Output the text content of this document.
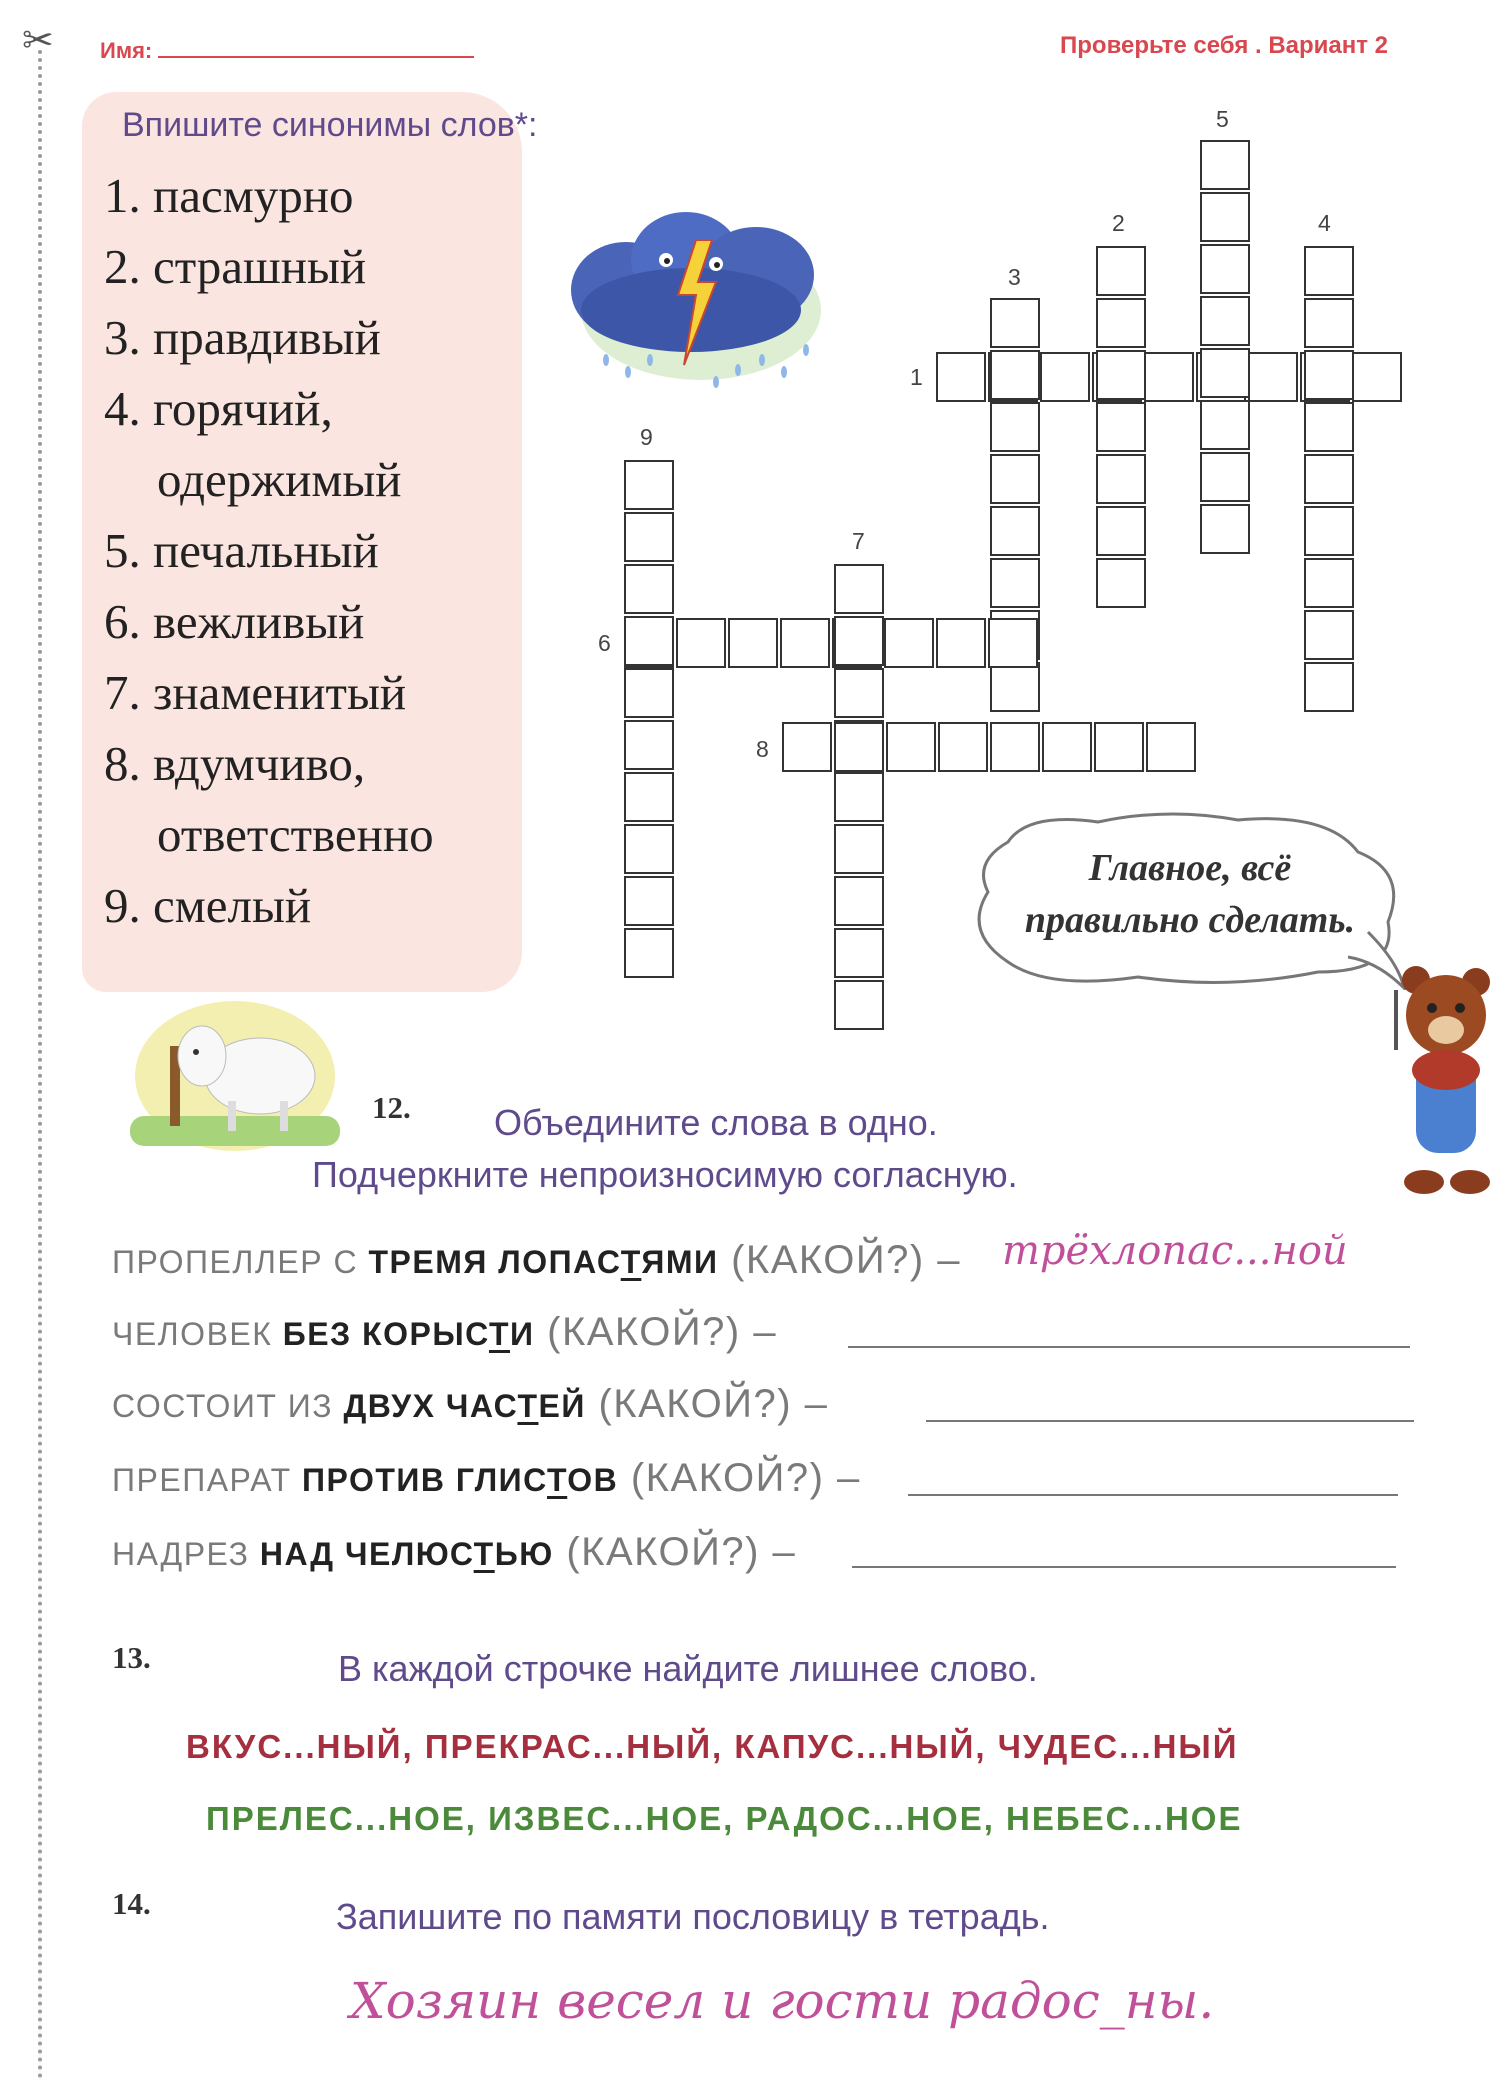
✂ Имя:	Проверьте себя . Вариант 2
Впишите синонимы слов*:
1. пасмурно
2. страшный
3. правдивый
4. горячий,
одержимый
5. печальный
6. вежливый
7. знаменитый
8. вдумчиво,
ответственно
9. смелый
1
2
3
4
5
6
7
8
9
Главное, всё
правильно сделать.
12. Объедините слова в одно.
Подчеркните непроизносимую согласную.
ПРОПЕЛЛЕР С ТРЕМЯ ЛОПАСТЯМИ (КАКОЙ?) – трёхлопас...ной
ЧЕЛОВЕК БЕЗ КОРЫСТИ (КАКОЙ?) –
СОСТОИТ ИЗ ДВУХ ЧАСТЕЙ (КАКОЙ?) –
ПРЕПАРАТ ПРОТИВ ГЛИСТОВ (КАКОЙ?) –
НАДРЕЗ НАД ЧЕЛЮСТЬЮ (КАКОЙ?) –
13.	В каждой строчке найдите лишнее слово.
ВКУС...НЫЙ, ПРЕКРАС...НЫЙ, КАПУС...НЫЙ, ЧУДЕС...НЫЙ
ПРЕЛЕС...НОЕ, ИЗВЕС...НОЕ, РАДОС...НОЕ, НЕБЕС...НОЕ
14.	Запишите по памяти пословицу в тетрадь.
Хозяин весел и гости радос_ны.
